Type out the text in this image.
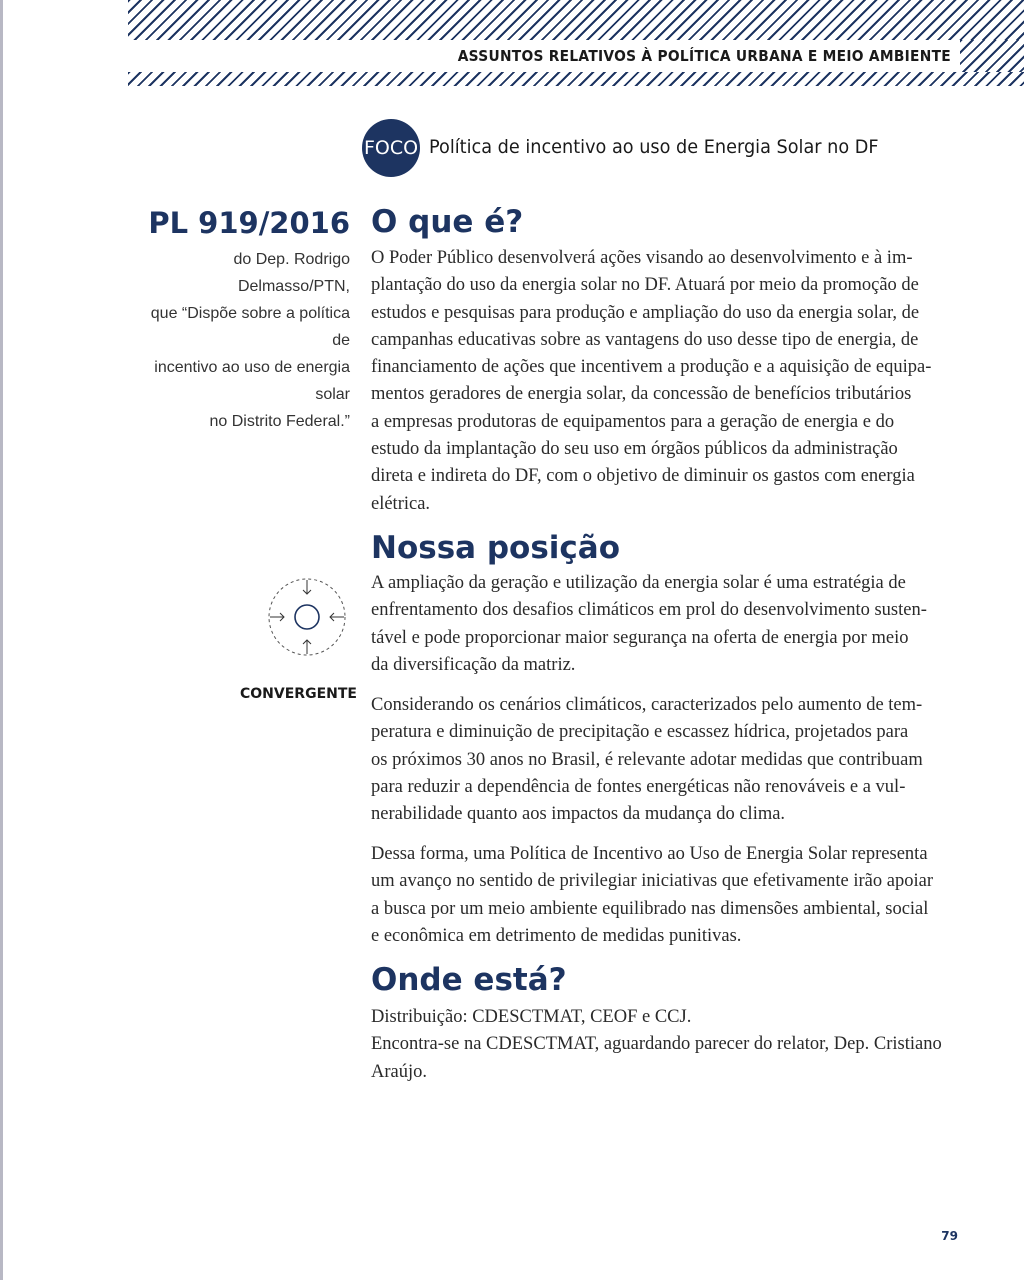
ASSUNTOS RELATIVOS À POLÍTICA URBANA E MEIO AMBIENTE
FOCO Política de incentivo ao uso de Energia Solar no DF
PL 919/2016
do Dep. Rodrigo Delmasso/PTN,
que “Dispõe sobre a política de
incentivo ao uso de energia solar
no Distrito Federal.”
O que é?
O Poder Público desenvolverá ações visando ao desenvolvimento e à im-
plantação do uso da energia solar no DF. Atuará por meio da promoção de
estudos e pesquisas para produção e ampliação do uso da energia solar, de
campanhas educativas sobre as vantagens do uso desse tipo de energia, de
financiamento de ações que incentivem a produção e a aquisição de equipa-
mentos geradores de energia solar, da concessão de benefícios tributários
a empresas produtoras de equipamentos para a geração de energia e do
estudo da implantação do seu uso em órgãos públicos da administração
direta e indireta do DF, com o objetivo de diminuir os gastos com energia
elétrica.
Nossa posição
CONVERGENTE
A ampliação da geração e utilização da energia solar é uma estratégia de
enfrentamento dos desafios climáticos em prol do desenvolvimento susten-
tável e pode proporcionar maior segurança na oferta de energia por meio
da diversificação da matriz.
Considerando os cenários climáticos, caracterizados pelo aumento de tem-
peratura e diminuição de precipitação e escassez hídrica, projetados para
os próximos 30 anos no Brasil, é relevante adotar medidas que contribuam
para reduzir a dependência de fontes energéticas não renováveis e a vul-
nerabilidade quanto aos impactos da mudança do clima.
Dessa forma, uma Política de Incentivo ao Uso de Energia Solar representa
um avanço no sentido de privilegiar iniciativas que efetivamente irão apoiar
a busca por um meio ambiente equilibrado nas dimensões ambiental, social
e econômica em detrimento de medidas punitivas.
Onde está?
Distribuição: CDESCTMAT, CEOF e CCJ.
Encontra-se na CDESCTMAT, aguardando parecer do relator, Dep. Cristiano
Araújo.
79
